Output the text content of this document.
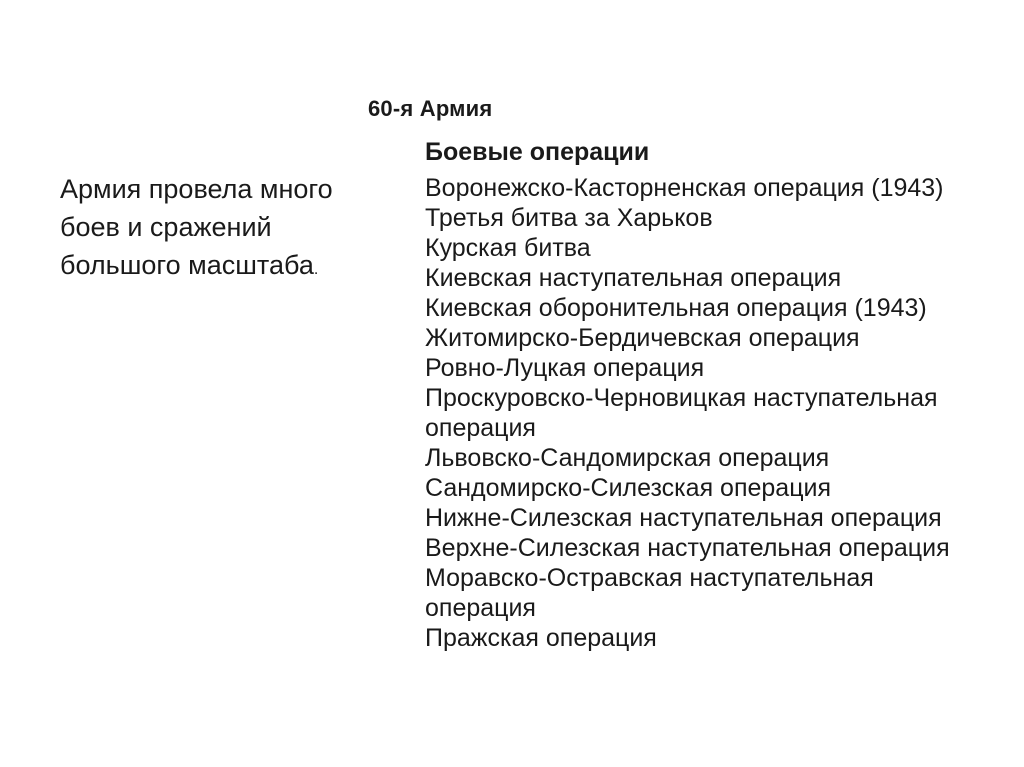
60-я Армия
Армия провела много боев и сражений большого масштаба.
Боевые операции
Воронежско-Касторненская операция (1943)
Третья битва за Харьков
Курская битва
Киевская наступательная операция
Киевская оборонительная операция (1943)
Житомирско-Бердичевская операция
Ровно-Луцкая операция
Проскуровско-Черновицкая наступательная операция
Львовско-Сандомирская операция
Сандомирско-Силезская операция
Нижне-Силезская наступательная операция
Верхне-Силезская наступательная операция
Моравско-Остравская наступательная операция
Пражская операция
